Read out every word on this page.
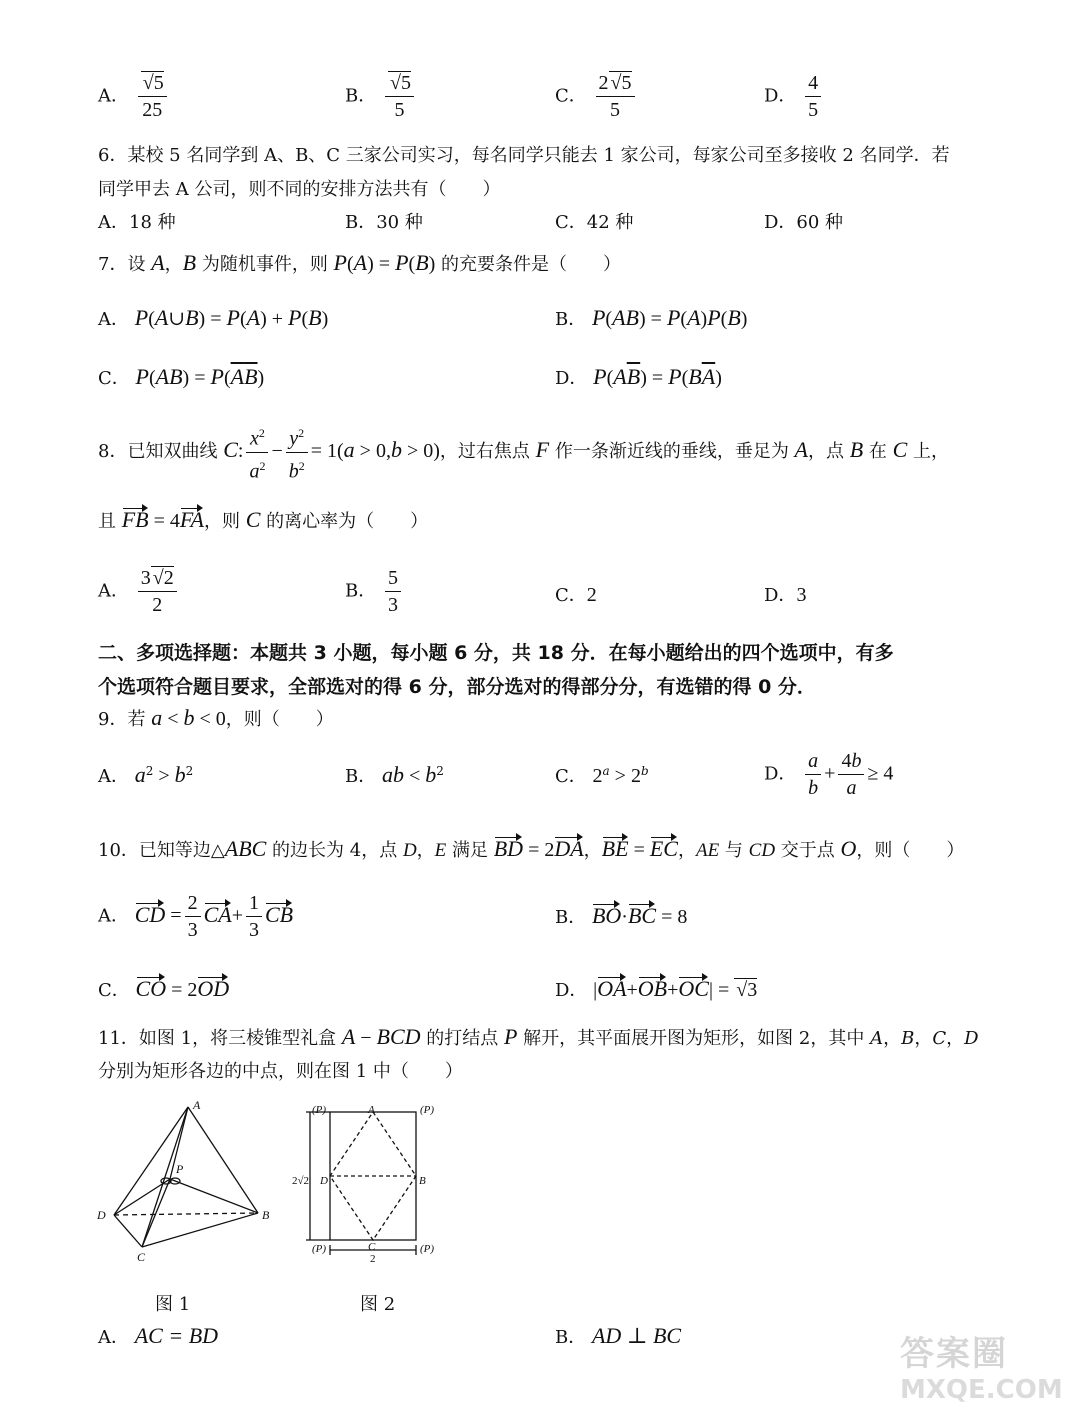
A． $\frac{√5}{25}$	B． $\frac{√5}{5}$	C． $\frac{2 √5}{5}$	D． $\frac{4}{5}$
6．某校 5 名同学到 A、B、C 三家公司实习，每名同学只能去 1 家公司，每家公司至多接收 2 名同学．若
同学甲去 A 公司，则不同的安排方法共有（　　）
A．18 种	B．30 种	C．42 种	D．60 种
7．设 A，B 为随机事件，则 P(A) = P(B) 的充要条件是（　　）
A． P(A∪B) = P(A) + P(B)	B． P(AB) = P(A)P(B)
C． $P(AB) = P(\overline{A}\overline{B})$	D． $P(A\overline{B}) = P(B\overline{A})$
8．已知双曲线 C: $\frac{x^2}{a^2} - \frac{y^2}{b^2} = 1(a > 0,b > 0)$，过右焦点 F 作一条渐近线的垂线，垂足为 A，点 B 在 C 上，
且 FB = 4FA，则 C 的离心率为（　　）
A． $\frac{3 √2}{2}$	B． $\frac{5}{3}$	C．2	D．3
二、多项选择题：本题共 3 小题，每小题 6 分，共 18 分．在每小题给出的四个选项中，有多
个选项符合题目要求，全部选对的得 6 分，部分选对的得部分分，有选错的得 0 分．
9．若 a < b < 0，则（　　）
A． $a^2 > b^2$	B． ab < $b^2$	C． $2^a > 2^b$	D． $\frac{a}{b} + \frac{4b}{a} \ge 4$
10．已知等边△ABC 的边长为 4，点 D，E 满足 BD = 2DA，BE = EC，AE 与 CD 交于点 O，则（　　）
A． CD = $\frac{2}{3} CA+ \frac{1}{3}$ CB	B． BO·BC = 8
C． CO = 2OD	D． |OA+OB+OC| = √3
11．如图 1，将三棱锥型礼盒 A − BCD 的打结点 P 解开，其平面展开图为矩形，如图 2，其中 A，B，C，D
分别为矩形各边的中点，则在图 1 中（　　）
A
P
D	B
C
图 1
(P)	A	(P)
B
(P)	C	(P)
D
2√2
2
图 2
A． AC = BD	B． AD ⊥ BC	答案圈
MXQE.COM
